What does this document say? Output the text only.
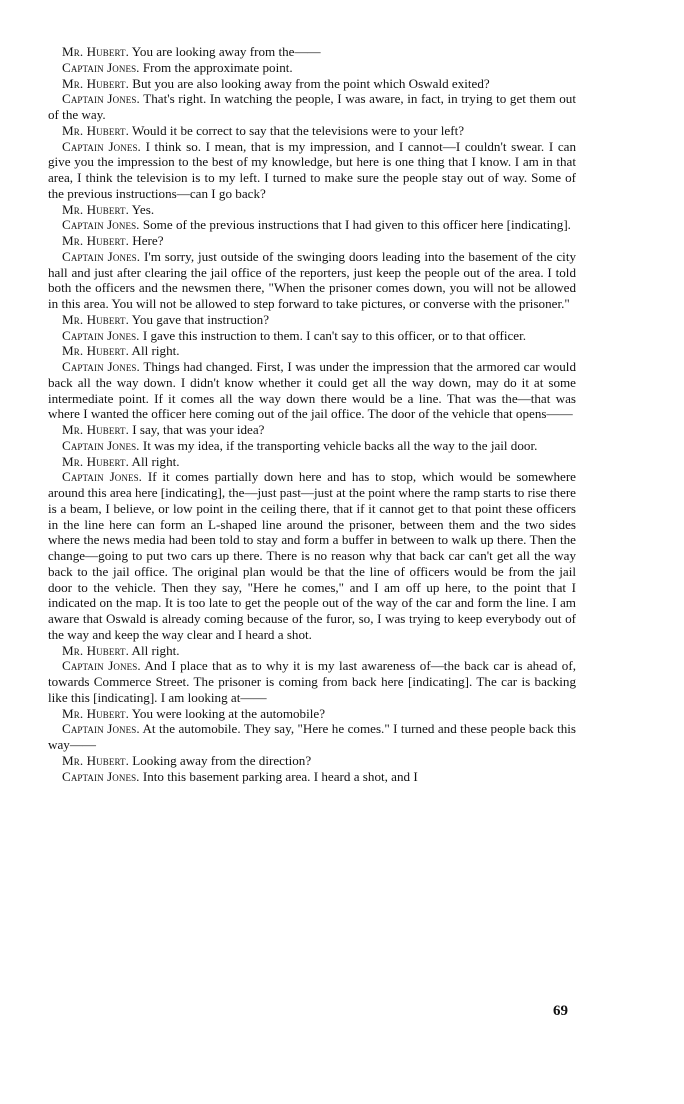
Mr. Hubert. You are looking away from the——

Captain Jones. From the approximate point.

Mr. Hubert. But you are also looking away from the point which Oswald exited?

Captain Jones. That's right. In watching the people, I was aware, in fact, in trying to get them out of the way.

Mr. Hubert. Would it be correct to say that the televisions were to your left?

Captain Jones. I think so. I mean, that is my impression, and I cannot—I couldn't swear. I can give you the impression to the best of my knowledge, but here is one thing that I know. I am in that area, I think the television is to my left. I turned to make sure the people stay out of way. Some of the previous instructions—can I go back?

Mr. Hubert. Yes.

Captain Jones. Some of the previous instructions that I had given to this officer here [indicating].

Mr. Hubert. Here?

Captain Jones. I'm sorry, just outside of the swinging doors leading into the basement of the city hall and just after clearing the jail office of the reporters, just keep the people out of the area. I told both the officers and the newsmen there, "When the prisoner comes down, you will not be allowed in this area. You will not be allowed to step forward to take pictures, or converse with the prisoner."

Mr. Hubert. You gave that instruction?

Captain Jones. I gave this instruction to them. I can't say to this officer, or to that officer.

Mr. Hubert. All right.

Captain Jones. Things had changed. First, I was under the impression that the armored car would back all the way down. I didn't know whether it could get all the way down, may do it at some intermediate point. If it comes all the way down there would be a line. That was the—that was where I wanted the officer here coming out of the jail office. The door of the vehicle that opens——

Mr. Hubert. I say, that was your idea?

Captain Jones. It was my idea, if the transporting vehicle backs all the way to the jail door.

Mr. Hubert. All right.

Captain Jones. If it comes partially down here and has to stop, which would be somewhere around this area here [indicating], the—just past—just at the point where the ramp starts to rise there is a beam, I believe, or low point in the ceiling there, that if it cannot get to that point these officers in the line here can form an L-shaped line around the prisoner, between them and the two sides where the news media had been told to stay and form a buffer in between to walk up there. Then the change—going to put two cars up there. There is no reason why that back car can't get all the way back to the jail office. The original plan would be that the line of officers would be from the jail door to the vehicle. Then they say, "Here he comes," and I am off up here, to the point that I indicated on the map. It is too late to get the people out of the way of the car and form the line. I am aware that Oswald is already coming because of the furor, so, I was trying to keep everybody out of the way and keep the way clear and I heard a shot.

Mr. Hubert. All right.

Captain Jones. And I place that as to why it is my last awareness of—the back car is ahead of, towards Commerce Street. The prisoner is coming from back here [indicating]. The car is backing like this [indicating]. I am looking at——

Mr. Hubert. You were looking at the automobile?

Captain Jones. At the automobile. They say, "Here he comes." I turned and these people back this way——

Mr. Hubert. Looking away from the direction?

Captain Jones. Into this basement parking area. I heard a shot, and I

69
